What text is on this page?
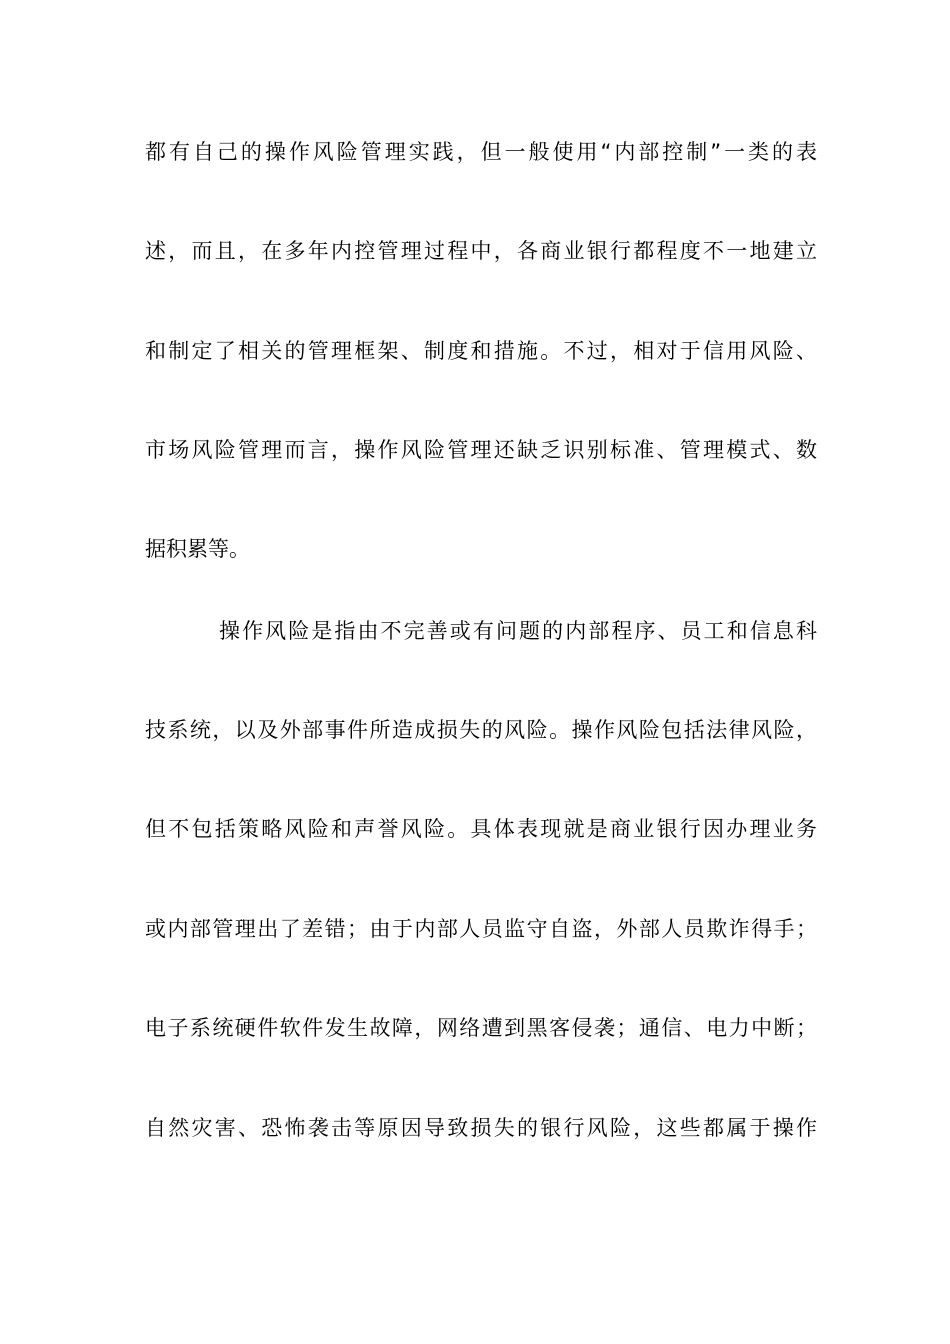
都有自己的操作风险管理实践，但一般使用“内部控制”一类的表
述，而且，在多年内控管理过程中，各商业银行都程度不一地建立
和制定了相关的管理框架、制度和措施。不过，相对于信用风险、
市场风险管理而言，操作风险管理还缺乏识别标准、管理模式、数
据积累等。
操作风险是指由不完善或有问题的内部程序、员工和信息科
技系统，以及外部事件所造成损失的风险。操作风险包括法律风险，
但不包括策略风险和声誉风险。具体表现就是商业银行因办理业务
或内部管理出了差错；由于内部人员监守自盗，外部人员欺诈得手；
电子系统硬件软件发生故障，网络遭到黑客侵袭；通信、电力中断；
自然灾害、恐怖袭击等原因导致损失的银行风险，这些都属于操作
